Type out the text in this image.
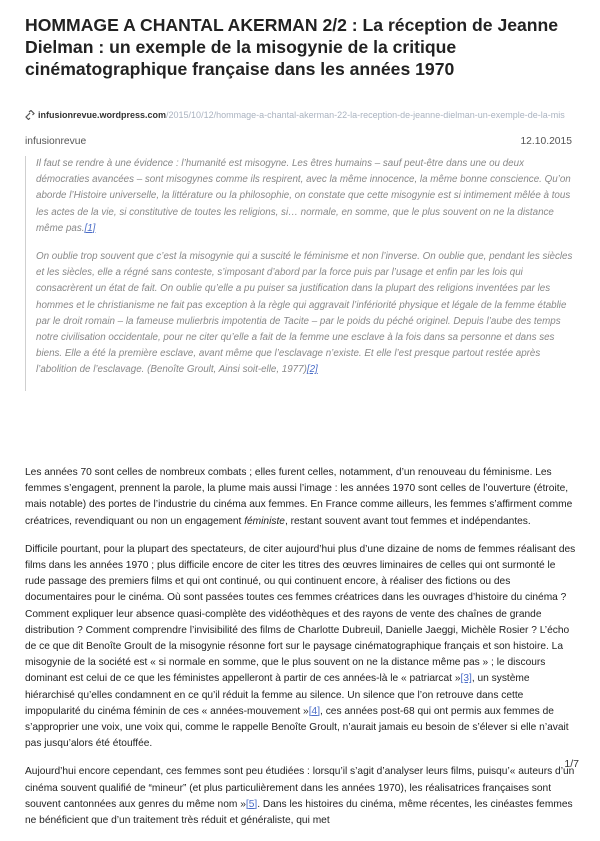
HOMMAGE A CHANTAL AKERMAN 2/2 : La réception de Jeanne Dielman : un exemple de la misogynie de la critique cinématographique française dans les années 1970
infusionrevue.wordpress.com/2015/10/12/hommage-a-chantal-akerman-22-la-reception-de-jeanne-dielman-un-exemple-de-la-mis
infusionrevue	12.10.2015

Il faut se rendre à une évidence : l’humanité est misogyne. Les êtres humains – sauf peut-être dans une ou deux démocraties avancées – sont misogynes comme ils respirent, avec la même innocence, la même bonne conscience. Qu’on aborde l’Histoire universelle, la littérature ou la philosophie, on constate que cette misogynie est si intimement mêlée à tous les actes de la vie, si constitutive de toutes les religions, si… normale, en somme, que le plus souvent on ne la distance même pas.[1]

On oublie trop souvent que c’est la misogynie qui a suscité le féminisme et non l’inverse. On oublie que, pendant les siècles et les siècles, elle a régné sans conteste, s’imposant d’abord par la force puis par l’usage et enfin par les lois qui consacrèrent un état de fait. On oublie qu’elle a pu puiser sa justification dans la plupart des religions inventées par les hommes et le christianisme ne fait pas exception à la règle qui aggravait l’infériorité physique et légale de la femme établie par le droit romain – la fameuse mulierbris impotentia de Tacite – par le poids du péché originel. Depuis l’aube des temps notre civilisation occidentale, pour ne citer qu’elle a fait de la femme une esclave à la fois dans sa personne et dans ses biens. Elle a été la première esclave, avant même que l’esclavage n’existe. Et elle l’est presque partout restée après l’abolition de l’esclavage. (Benoîte Groult, Ainsi soit-elle, 1977)[2]

Les années 70 sont celles de nombreux combats ; elles furent celles, notamment, d’un renouveau du féminisme. Les femmes s’engagent, prennent la parole, la plume mais aussi l’image : les années 1970 sont celles de l’ouverture (étroite, mais notable) des portes de l’industrie du cinéma aux femmes. En France comme ailleurs, les femmes s’affirment comme créatrices, revendiquant ou non un engagement féministe, restant souvent avant tout femmes et indépendantes.

Difficile pourtant, pour la plupart des spectateurs, de citer aujourd’hui plus d’une dizaine de noms de femmes réalisant des films dans les années 1970 ; plus difficile encore de citer les titres des œuvres liminaires de celles qui ont surmonté le rude passage des premiers films et qui ont continué, ou qui continuent encore, à réaliser des fictions ou des documentaires pour le cinéma. Où sont passées toutes ces femmes créatrices dans les ouvrages d’histoire du cinéma ? Comment expliquer leur absence quasi-complète des vidéothèques et des rayons de vente des chaînes de grande distribution ? Comment comprendre l’invisibilité des films de Charlotte Dubreuil, Danielle Jaeggi, Michèle Rosier ? L’écho de ce que dit Benoîte Groult de la misogynie résonne fort sur le paysage cinématographique français et son histoire. La misogynie de la société est « si normale en somme, que le plus souvent on ne la distance même pas » ; le discours dominant est celui de ce que les féministes appelleront à partir de ces années-là le « patriarcat »[3], un système hiérarchisé qu’elles condamnent en ce qu’il réduit la femme au silence. Un silence que l’on retrouve dans cette impopularité du cinéma féminin de ces « années-mouvement »[4], ces années post-68 qui ont permis aux femmes de s’approprier une voix, une voix qui, comme le rappelle Benoîte Groult, n’aurait jamais eu besoin de s’élever si elle n’avait pas jusqu’alors été étouffée.

Aujourd’hui encore cependant, ces femmes sont peu étudiées : lorsqu’il s’agit d’analyser leurs films, puisqu’« auteurs d’un cinéma souvent qualifié de “mineur” (et plus particulièrement dans les années 1970), les réalisatrices françaises sont souvent cantonnées aux genres du même nom »[5]. Dans les histoires du cinéma, même récentes, les cinéastes femmes ne bénéficient que d’un traitement très réduit et généraliste, qui met

1/7
